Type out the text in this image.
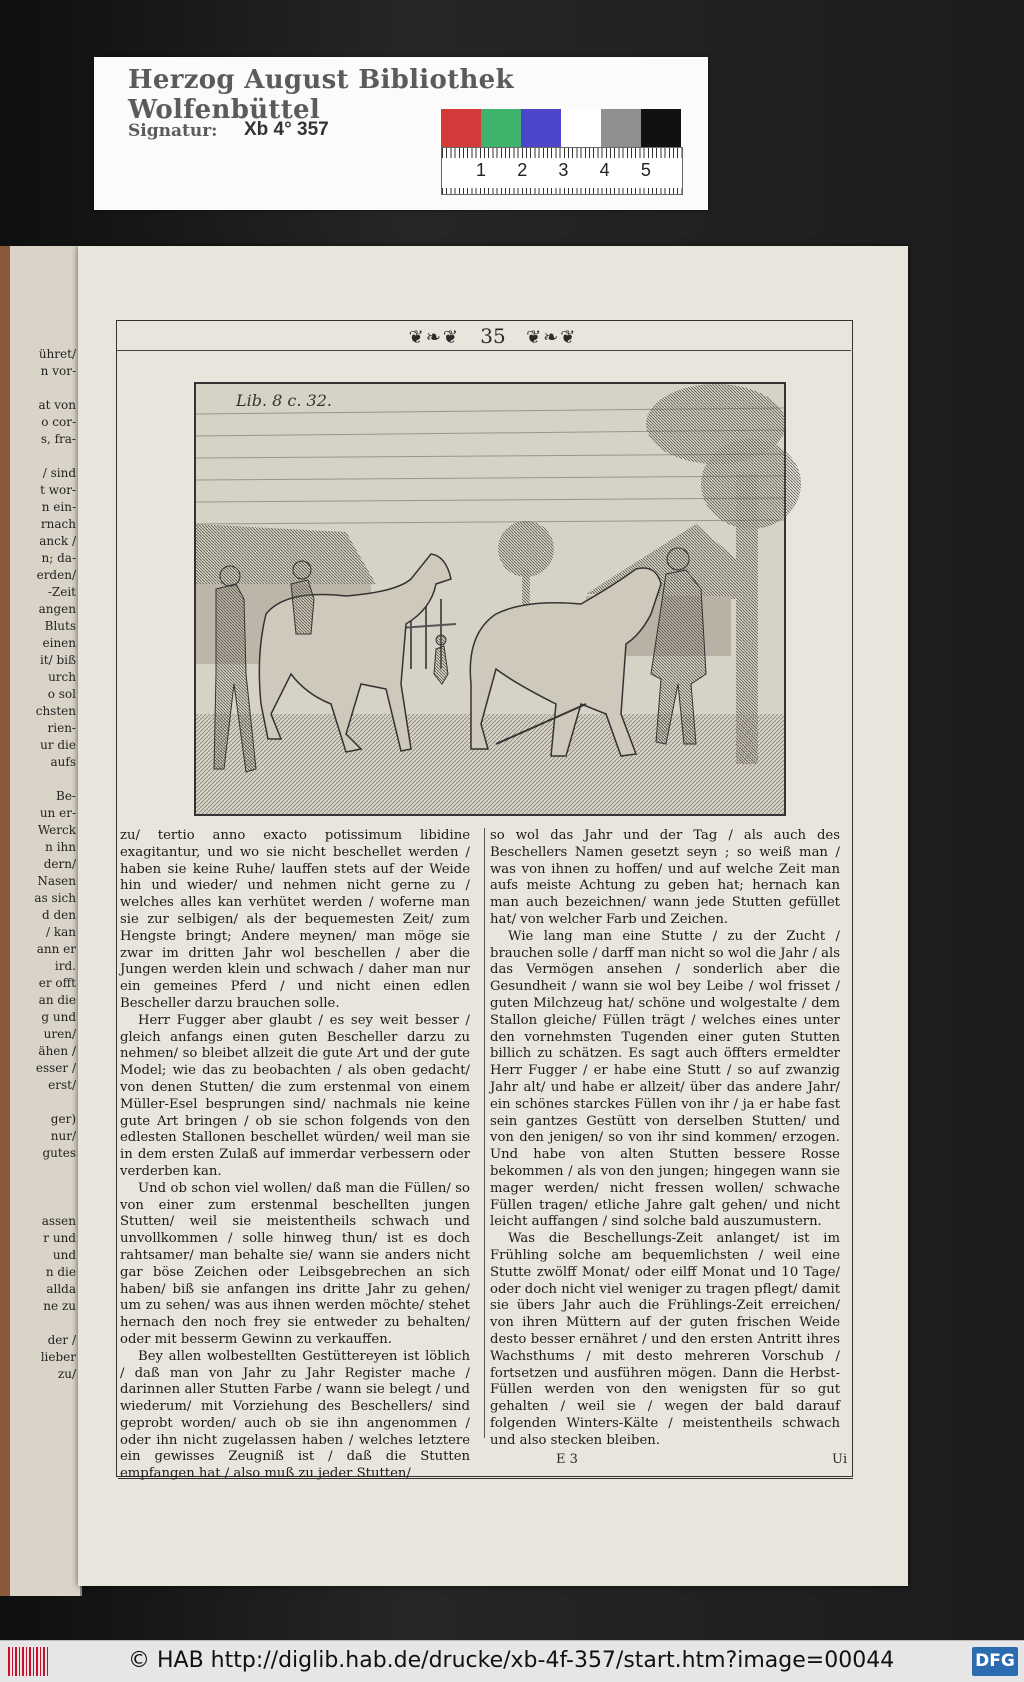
ühret/
n vor-

at von
o cor-
s, fra-

/ sind
t wor-
n ein-
rnach
anck /
n; da-
erden/
-Zeit
angen
Bluts
einen
it/ biß
urch
o sol
chsten
rien-
ur die
aufs

Be-
un er-
Werck
n ihn
dern/
Nasen
as sich
d den
/ kan
ann er
ird.
er offt
an die
g und
uren/
ähen /
esser /
erst/

ger)
nur/
gutes

assen
r und
und
n die
allda
ne zu

der /
lieber
zu/
❦❧❦ 35 ❦❧❦
Lib. 8 c. 32.

zu/ tertio anno exacto potissimum libidine exagitantur, und wo sie nicht beschellet werden / haben sie keine Ruhe/ lauffen stets auf der Weide hin und wieder/ und nehmen nicht gerne zu / welches alles kan verhütet werden / woferne man sie zur selbigen/ als der bequemesten Zeit/ zum Hengste bringt; Andere meynen/ man möge sie zwar im dritten Jahr wol beschellen / aber die Jungen werden klein und schwach / daher man nur ein gemeines Pferd / und nicht einen edlen Bescheller darzu brauchen solle.

Herr Fugger aber glaubt / es sey weit besser / gleich anfangs einen guten Bescheller darzu zu nehmen/ so bleibet allzeit die gute Art und der gute Model; wie das zu beobachten / als oben gedacht/ von denen Stutten/ die zum erstenmal von einem Müller-Esel besprungen sind/ nachmals nie keine gute Art bringen / ob sie schon folgends von den edlesten Stallonen beschellet würden/ weil man sie in dem ersten Zulaß auf immerdar verbessern oder verderben kan.

Und ob schon viel wollen/ daß man die Füllen/ so von einer zum erstenmal beschellten jungen Stutten/ weil sie meistentheils schwach und unvollkommen / solle hinweg thun/ ist es doch rahtsamer/ man behalte sie/ wann sie anders nicht gar böse Zeichen oder Leibsgebrechen an sich haben/ biß sie anfangen ins dritte Jahr zu gehen/ um zu sehen/ was aus ihnen werden möchte/ stehet hernach den noch frey sie entweder zu behalten/ oder mit besserm Gewinn zu verkauffen.

Bey allen wolbestellten Gestüttereyen ist löblich / daß man von Jahr zu Jahr Register mache / darinnen aller Stutten Farbe / wann sie belegt / und wiederum/ mit Vorziehung des Beschellers/ sind geprobt worden/ auch ob sie ihn angenommen / oder ihn nicht zugelassen haben / welches letztere ein gewisses Zeugniß ist / daß die Stutten empfangen hat / also muß zu jeder Stutten/

so wol das Jahr und der Tag / als auch des Beschellers Namen gesetzt seyn ; so weiß man / was von ihnen zu hoffen/ und auf welche Zeit man aufs meiste Achtung zu geben hat; hernach kan man auch bezeichnen/ wann jede Stutten gefüllet hat/ von welcher Farb und Zeichen.

Wie lang man eine Stutte / zu der Zucht / brauchen solle / darff man nicht so wol die Jahr / als das Vermögen ansehen / sonderlich aber die Gesundheit / wann sie wol bey Leibe / wol frisset / guten Milchzeug hat/ schöne und wolgestalte / dem Stallon gleiche/ Füllen trägt / welches eines unter den vornehmsten Tugenden einer guten Stutten billich zu schätzen. Es sagt auch öffters ermeldter Herr Fugger / er habe eine Stutt / so auf zwanzig Jahr alt/ und habe er allzeit/ über das andere Jahr/ ein schönes starckes Füllen von ihr / ja er habe fast sein gantzes Gestütt von derselben Stutten/ und von den jenigen/ so von ihr sind kommen/ erzogen. Und habe von alten Stutten bessere Rosse bekommen / als von den jungen; hingegen wann sie mager werden/ nicht fressen wollen/ schwache Füllen tragen/ etliche Jahre galt gehen/ und nicht leicht auffangen / sind solche bald auszumustern.

Was die Beschellungs-Zeit anlanget/ ist im Frühling solche am bequemlichsten / weil eine Stutte zwölff Monat/ oder eilff Monat und 10 Tage/ oder doch nicht viel weniger zu tragen pflegt/ damit sie übers Jahr auch die Frühlings-Zeit erreichen/ von ihren Müttern auf der guten frischen Weide desto besser ernähret / und den ersten Antritt ihres Wachsthums / mit desto mehreren Vorschub / fortsetzen und ausführen mögen. Dann die Herbst-Füllen werden von den wenigsten für so gut gehalten / weil sie / wegen der bald darauf folgenden Winters-Kälte / meistentheils schwach und also stecken bleiben.

E 3	Ui
Herzog August Bibliothek Wolfenbüttel
Signatur: Xb 4° 357
1	2	3	4	5
© HAB http://diglib.hab.de/drucke/xb-4f-357/start.htm?image=00044	DFG
